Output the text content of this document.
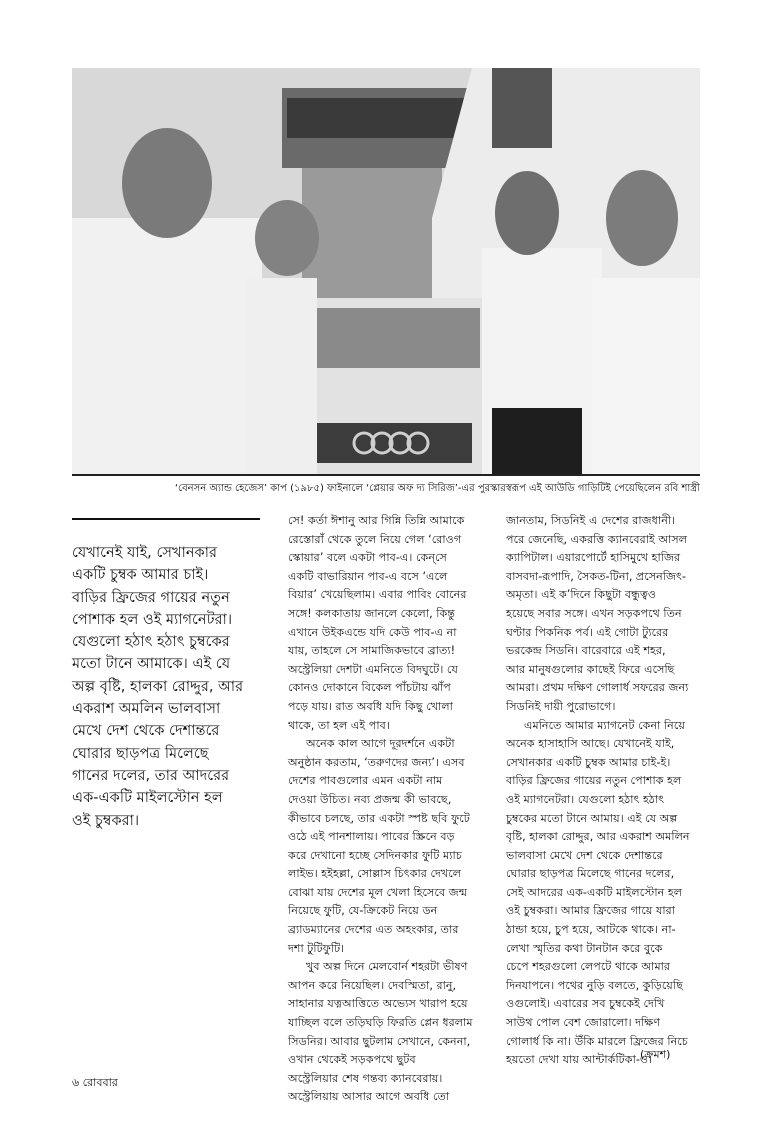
‘বেনসন অ্যান্ড হেজেস’ কাপ (১৯৮৫) ফাইনালে ‘প্লেয়ার অফ দ্য সিরিজ’-এর পুরস্কারস্বরূপ এই আউডি গাড়িটিই পেয়েছিলেন রবি শাস্ত্রী

যেখানেই যাই, সেখানকার
একটি চুম্বক আমার চাই।
বাড়ির ফ্রিজের গায়ের নতুন
পোশাক হল ওই ম্যাগনেটরা।
যেগুলো হঠাৎ হঠাৎ চুম্বকের
মতো টানে আমাকে। এই যে
অল্প বৃষ্টি, হালকা রোদ্দুর, আর
একরাশ অমলিন ভালবাসা
মেখে দেশ থেকে দেশান্তরে
ঘোরার ছাড়পত্র মিলেছে
গানের দলের, তার আদরের
এক-একটি মাইলস্টোন হল
ওই চুম্বকরা।

সে! কর্তা ঈশানু আর গিন্নি তিন্নি আমাকে
রেস্তোরাঁ থেকে তুলে নিয়ে গেল ‘রোওগ
স্কোয়ার’ বলে একটা পাব-এ। কেন্‌সে
একটি বাভারিয়ান পাব-এ বসে ‘এলে
বিয়ার’ খেয়েছিলাম। এবার পাবিং বোনের
সঙ্গে! কলকাতায় জানলে কেলো, কিন্তু
এখানে উইকএন্ডে যদি কেউ পাব-এ না
যায়, তাহলে সে সামাজিকভাবে ব্রাত্য!
অস্ট্রেলিয়া দেশটা এমনিতে বিদঘুটে। যে
কোনও দোকানে বিকেল পাঁচটায় ঝাঁপ
পড়ে যায়। রাত অবধি যদি কিছু খোলা
থাকে, তা হল এই পাব।
অনেক কাল আগে দূরদর্শনে একটা
অনুষ্ঠান করতাম, ‘তরুণদের জন্য’। এসব
দেশের পাবগুলোর এমন একটা নাম
দেওয়া উচিত। নব্য প্রজন্ম কী ভাবছে,
কীভাবে চলছে, তার একটা স্পষ্ট ছবি ফুটে
ওঠে এই পানশালায়। পাবের স্ক্রিনে বড়
করে দেখানো হচ্ছে সেদিনকার ফুটি ম্যাচ
লাইভ। হইহল্লা, সোল্লাস চিৎকার দেখলে
বোঝা যায় দেশের মূল খেলা হিসেবে জন্ম
নিয়েছে ফুটি, যে-ক্রিকেট নিয়ে ডন
ব্র্যাডম্যানের দেশের এত অহংকার, তার
দশা টুটিফুটি।
খুব অল্প দিনে মেলবোর্ন শহরটা ভীষণ
আপন করে নিয়েছিল। দেবস্মিতা, রানু,
সাহানার যত্নআত্তিতে অভ্যেস খারাপ হয়ে
যাচ্ছিল বলে তড়িঘড়ি ফিরতি প্লেন ধরলাম
সিডনির। আবার ছুটলাম সেখানে, কেননা,
ওখান থেকেই সড়কপথে ছুটব
অস্ট্রেলিয়ার শেষ গন্তব্য ক্যানবেরায়।
অস্ট্রেলিয়ায় আসার আগে অবধি তো

জানতাম, সিডনিই এ দেশের রাজধানী।
পরে জেনেছি, একরত্তি ক্যানবেরাই আসল
ক্যাপিটাল। এয়ারপোর্টে হাসিমুখে হাজির
বাসবদা-রূপাদি, সৈকত-টিনা, প্রসেনজিৎ-
অমৃতা। এই ক’দিনে কিছুটা বন্ধুত্বও
হয়েছে সবার সঙ্গে। এখন সড়কপথে তিন
ঘণ্টার পিকনিক পর্ব। এই গোটা ট্যুরের
ভরকেন্দ্র সিডনি। বারেবারে এই শহর,
আর মানুষগুলোর কাছেই ফিরে এসেছি
আমরা। প্রথম দক্ষিণ গোলার্ধ সফরের জন্য
সিডনিই দায়ী পুরোভাগে।
এমনিতে আমার ম্যাগনেট কেনা নিয়ে
অনেক হাসাহাসি আছে। যেখানেই যাই,
সেখানকার একটি চুম্বক আমার চাই-ই।
বাড়ির ফ্রিজের গায়ের নতুন পোশাক হল
ওই ম্যাগনেটরা। যেগুলো হঠাৎ হঠাৎ
চুম্বকের মতো টানে আমায়। এই যে অল্প
বৃষ্টি, হালকা রোদ্দুর, আর একরাশ অমলিন
ভালবাসা মেখে দেশ থেকে দেশান্তরে
ঘোরার ছাড়পত্র মিলেছে গানের দলের,
সেই আদরের এক-একটি মাইলস্টোন হল
ওই চুম্বকরা। আমার ফ্রিজের গায়ে যারা
ঠান্ডা হয়ে, চুপ হয়ে, আটকে থাকে। না-
লেখা স্মৃতির কথা টানটান করে বুকে
চেপে শহরগুলো লেপটে থাকে আমার
দিনযাপনে। পথের নুড়ি বলতে, কুড়িয়েছি
ওগুলোই। এবারের সব চুম্বকেই দেখি
সাউথ পোল বেশ জোরালো। দক্ষিণ
গোলার্ধ কি না। উঁকি মারলে ফ্রিজের নিচে
হয়তো দেখা যায় আন্টার্কটিকা-ও।

(ক্রমশ)
৬ রোববার
